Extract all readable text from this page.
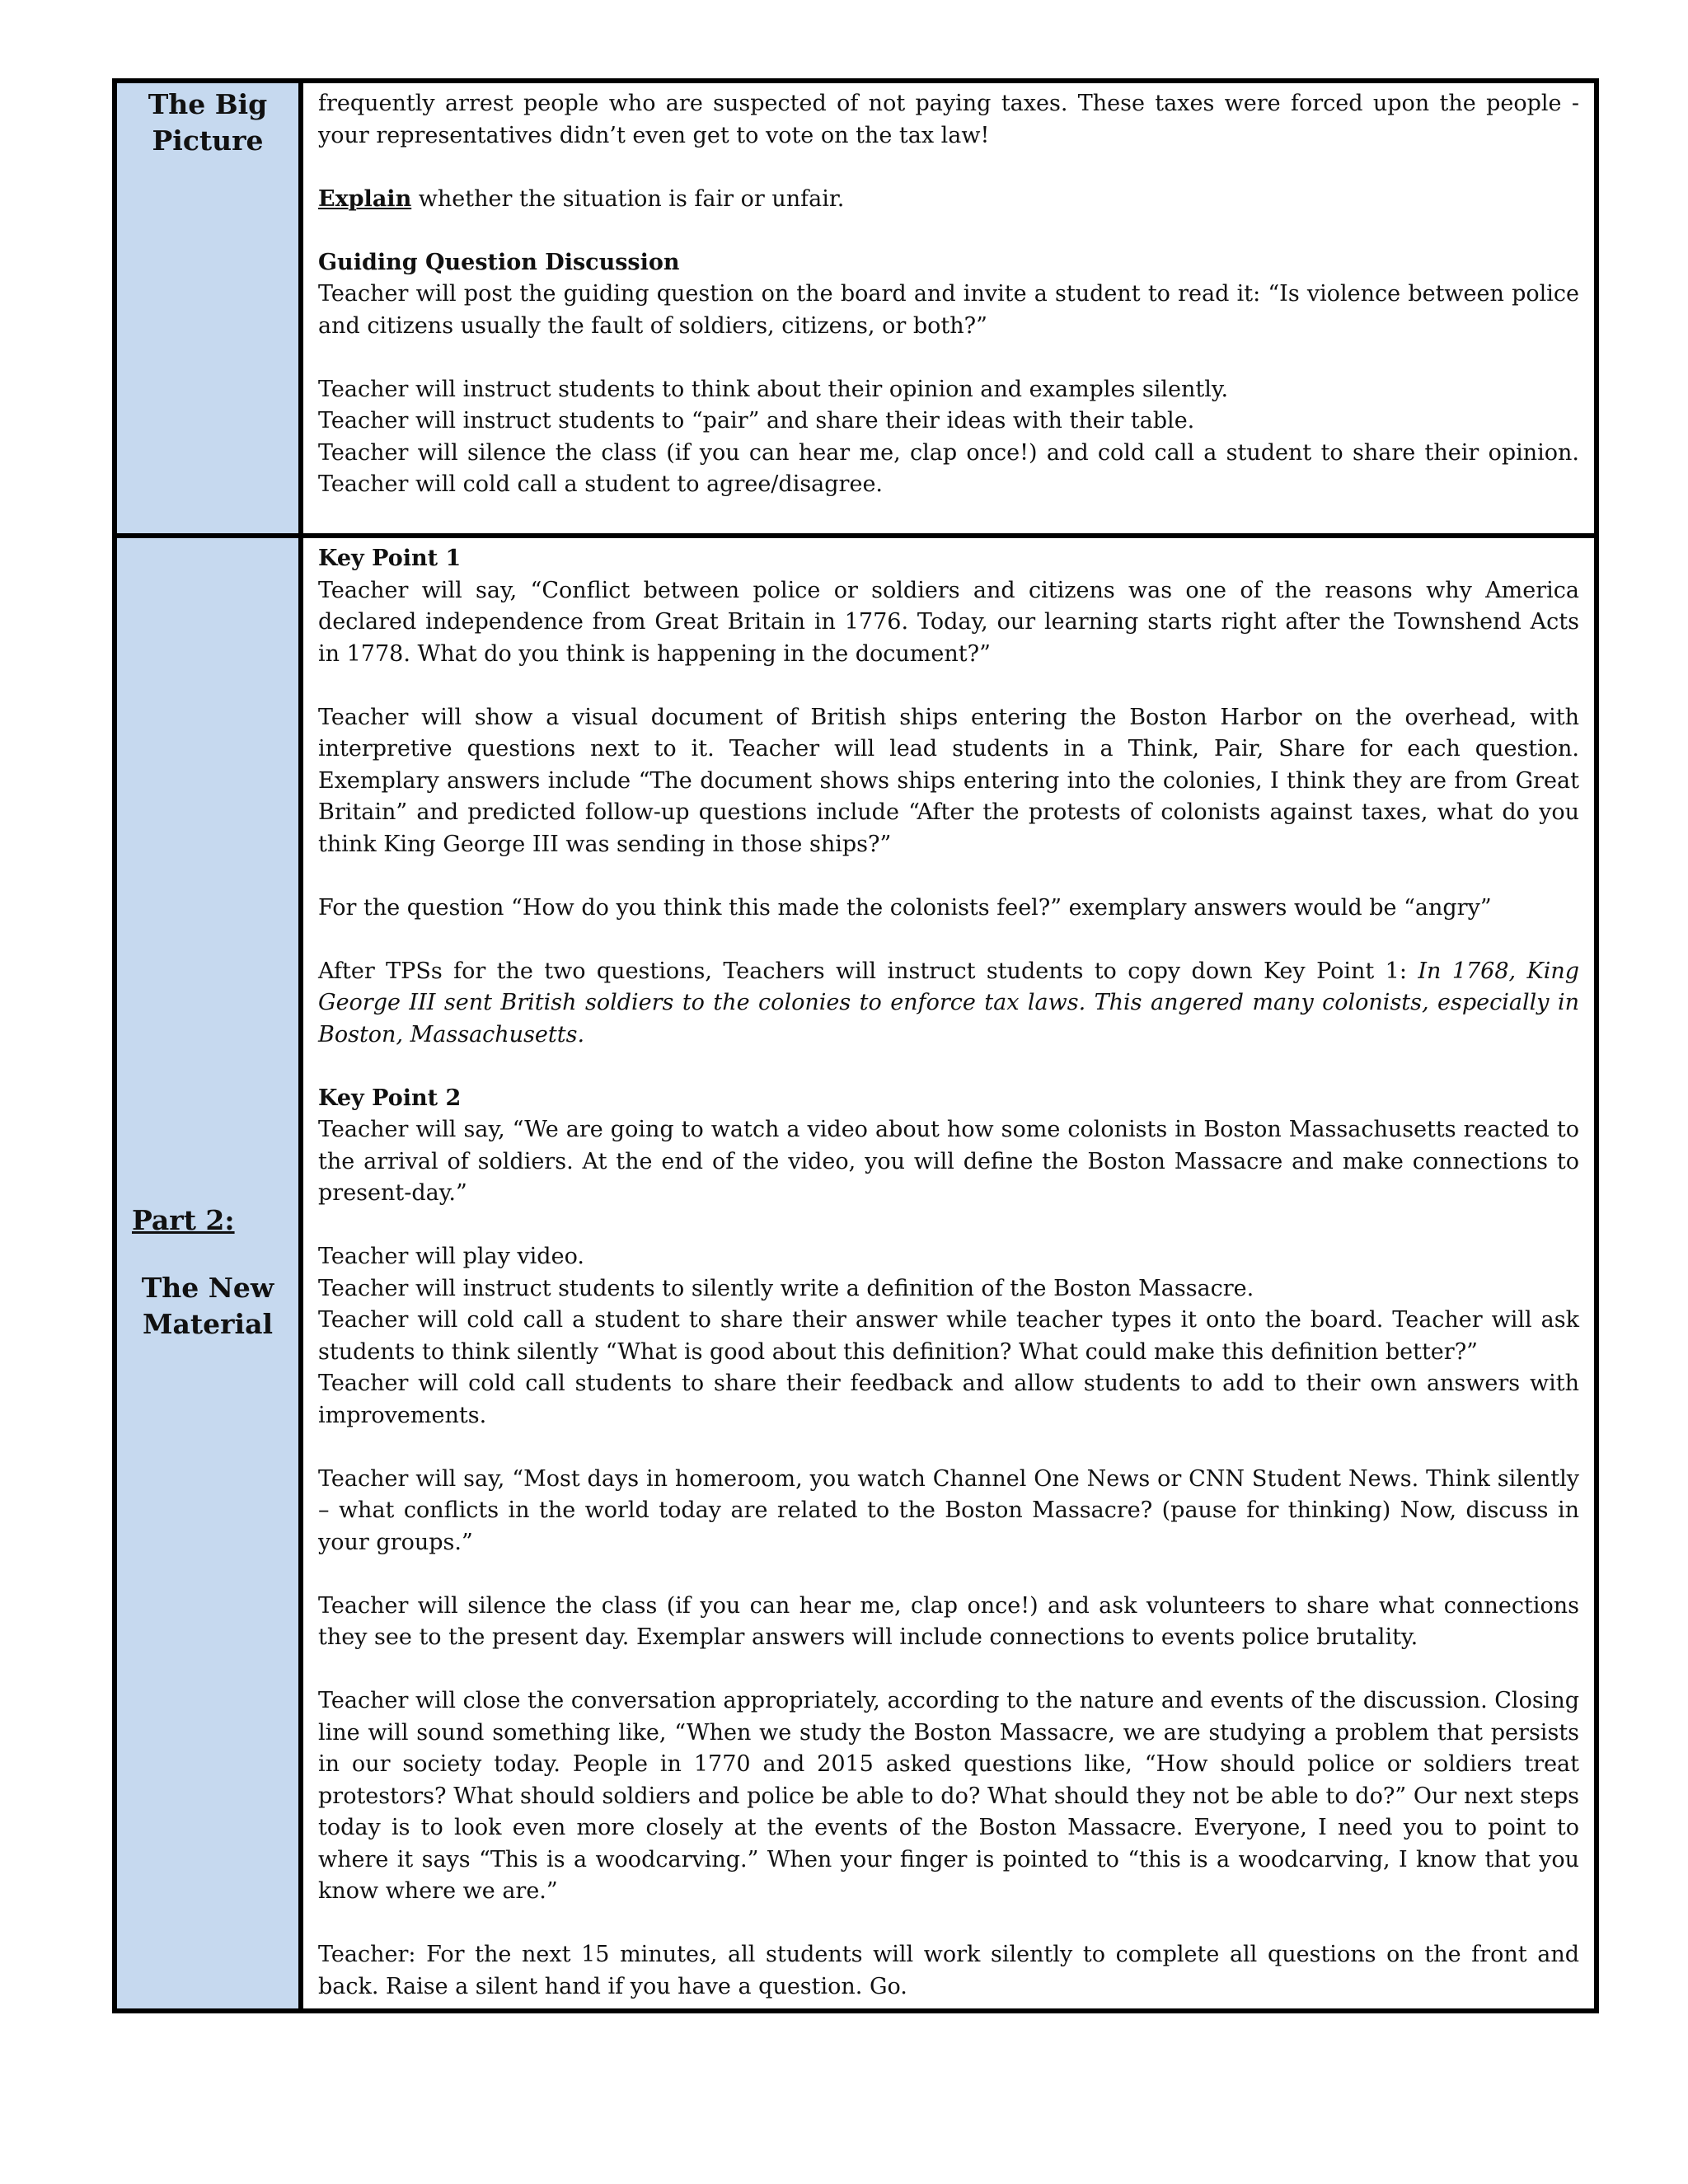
The Big
Picture

frequently arrest people who are suspected of not paying taxes. These taxes were forced upon the people - your representatives didn’t even get to vote on the tax law!

Explain whether the situation is fair or unfair.

Guiding Question Discussion

Teacher will post the guiding question on the board and invite a student to read it: “Is violence between police and citizens usually the fault of soldiers, citizens, or both?”

Teacher will instruct students to think about their opinion and examples silently.

Teacher will instruct students to “pair” and share their ideas with their table.

Teacher will silence the class (if you can hear me, clap once!) and cold call a student to share their opinion. Teacher will cold call a student to agree/disagree.

Part 2:
The New
Material

Key Point 1

Teacher will say, “Conflict between police or soldiers and citizens was one of the reasons why America declared independence from Great Britain in 1776. Today, our learning starts right after the Townshend Acts in 1778. What do you think is happening in the document?”

Teacher will show a visual document of British ships entering the Boston Harbor on the overhead, with interpretive questions next to it. Teacher will lead students in a Think, Pair, Share for each question. Exemplary answers include “The document shows ships entering into the colonies, I think they are from Great Britain” and predicted follow-up questions include “After the protests of colonists against taxes, what do you think King George III was sending in those ships?”

For the question “How do you think this made the colonists feel?” exemplary answers would be “angry”

After TPSs for the two questions, Teachers will instruct students to copy down Key Point 1: In 1768, King George III sent British soldiers to the colonies to enforce tax laws. This angered many colonists, especially in Boston, Massachusetts.

Key Point 2

Teacher will say, “We are going to watch a video about how some colonists in Boston Massachusetts reacted to the arrival of soldiers. At the end of the video, you will define the Boston Massacre and make connections to present-day.”

Teacher will play video.

Teacher will instruct students to silently write a definition of the Boston Massacre.

Teacher will cold call a student to share their answer while teacher types it onto the board. Teacher will ask students to think silently “What is good about this definition? What could make this definition better?”

Teacher will cold call students to share their feedback and allow students to add to their own answers with improvements.

Teacher will say, “Most days in homeroom, you watch Channel One News or CNN Student News. Think silently – what conflicts in the world today are related to the Boston Massacre? (pause for thinking) Now, discuss in your groups.”

Teacher will silence the class (if you can hear me, clap once!) and ask volunteers to share what connections they see to the present day. Exemplar answers will include connections to events police brutality.

Teacher will close the conversation appropriately, according to the nature and events of the discussion. Closing line will sound something like, “When we study the Boston Massacre, we are studying a problem that persists in our society today. People in 1770 and 2015 asked questions like, “How should police or soldiers treat protestors? What should soldiers and police be able to do? What should they not be able to do?” Our next steps today is to look even more closely at the events of the Boston Massacre. Everyone, I need you to point to where it says “This is a woodcarving.” When your finger is pointed to “this is a woodcarving, I know that you know where we are.”

Teacher: For the next 15 minutes, all students will work silently to complete all questions on the front and back. Raise a silent hand if you have a question. Go.
